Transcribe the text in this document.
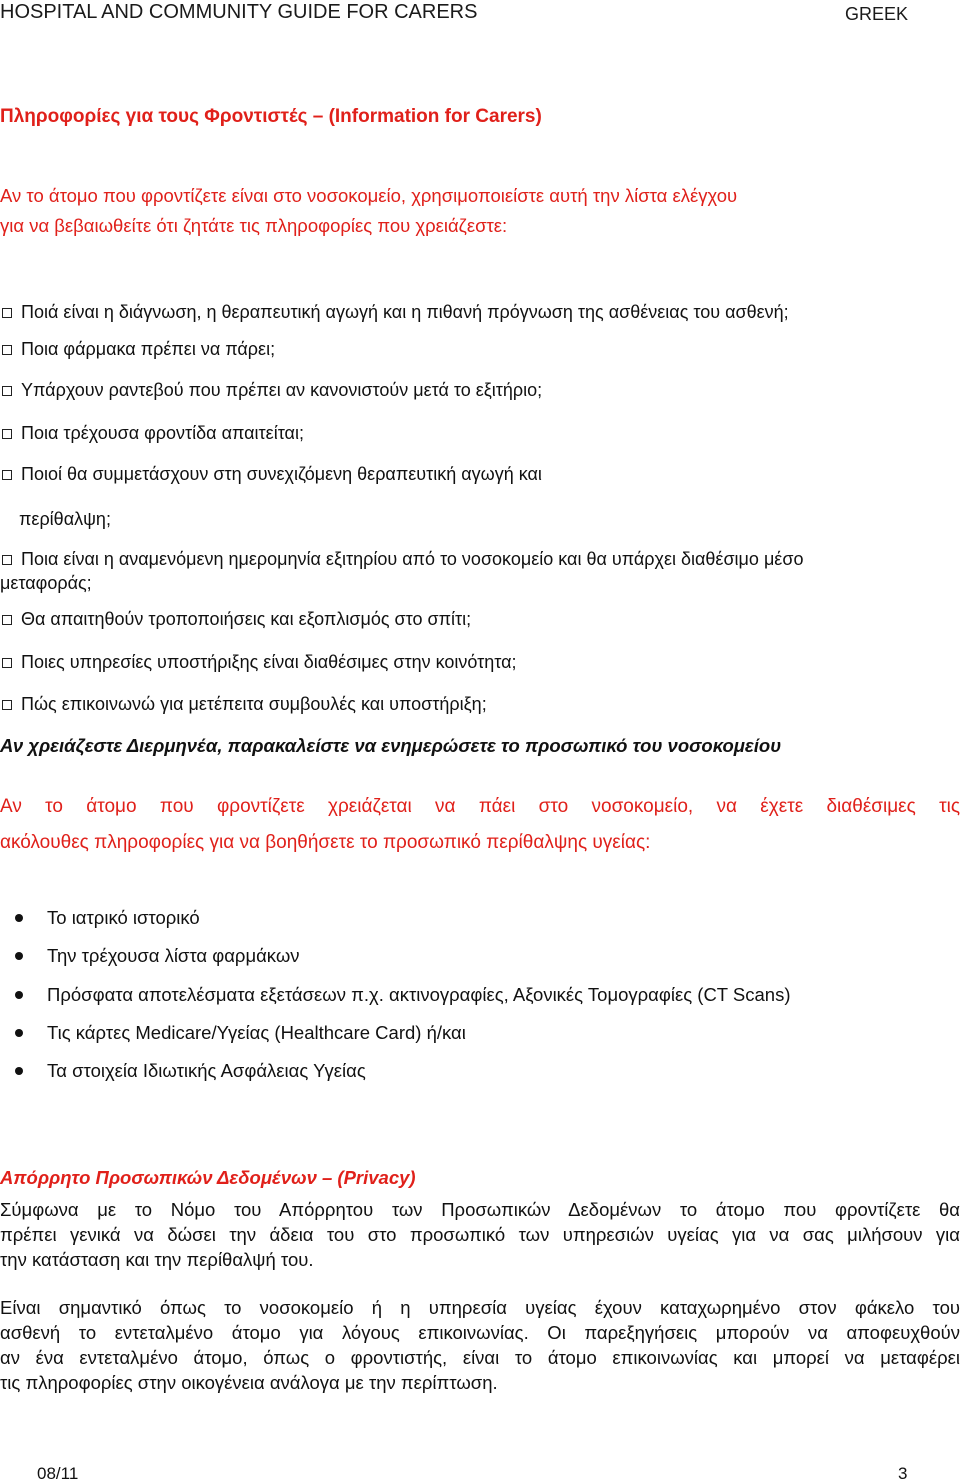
HOSPITAL AND COMMUNITY GUIDE FOR CARERS	GREEK
Πληροφορίες για τους Φροντιστές – (Information for Carers)
Αν το άτομο που φροντίζετε είναι στο νοσοκομείο, χρησιμοποιείστε αυτή την λίστα ελέγχου
για να βεβαιωθείτε ότι ζητάτε τις πληροφορίες που χρειάζεστε:
Ποιά είναι η διάγνωση, η θεραπευτική αγωγή και η πιθανή πρόγνωση της ασθένειας του ασθενή;
Ποια φάρμακα πρέπει να πάρει;
Υπάρχουν ραντεβού που πρέπει αν κανονιστούν μετά το εξιτήριο;
Ποια τρέχουσα φροντίδα απαιτείται;
Ποιοί θα συμμετάσχουν στη συνεχιζόμενη θεραπευτική αγωγή και
περίθαλψη;
Ποια είναι η αναμενόμενη ημερομηνία εξιτηρίου από το νοσοκομείο και θα υπάρχει διαθέσιμο μέσο
μεταφοράς;
Θα απαιτηθούν τροποποιήσεις και εξοπλισμός στο σπίτι;
Ποιες υπηρεσίες υποστήριξης είναι διαθέσιμες στην κοινότητα;
Πώς επικοινωνώ για μετέπειτα συμβουλές και υποστήριξη;
Αν χρειάζεστε Διερμηνέα, παρακαλείστε να ενημερώσετε το προσωπικό του νοσοκομείου
Αν το άτομο που φροντίζετε χρειάζεται να πάει στο νοσοκομείο, να έχετε διαθέσιμες τις
ακόλουθες πληροφορίες για να βοηθήσετε το προσωπικό περίθαλψης υγείας:
Το ιατρικό ιστορικό
Την τρέχουσα λίστα φαρμάκων
Πρόσφατα αποτελέσματα εξετάσεων π.χ. ακτινογραφίες, Αξονικές Τομογραφίες (CT Scans)
Τις κάρτες Medicare/Υγείας (Healthcare Card) ή/και
Τα στοιχεία Ιδιωτικής Ασφάλειας Υγείας
Απόρρητο Προσωπικών Δεδομένων – (Privacy)
Σύμφωνα με το Νόμο του Απόρρητου των Προσωπικών Δεδομένων το άτομο που φροντίζετε θα
πρέπει γενικά να δώσει την άδεια του στο προσωπικό των υπηρεσιών υγείας για να σας μιλήσουν για
την κατάσταση και την περίθαλψή του.
Είναι σημαντικό όπως το νοσοκομείο ή η υπηρεσία υγείας έχουν καταχωρημένο στον φάκελο του
ασθενή το εντεταλμένο άτομο για λόγους επικοινωνίας. Οι παρεξηγήσεις μπορούν να αποφευχθούν
αν ένα εντεταλμένο άτομο, όπως ο φροντιστής, είναι το άτομο επικοινωνίας και μπορεί να μεταφέρει
τις πληροφορίες στην οικογένεια ανάλογα με την περίπτωση.
08/11	3
